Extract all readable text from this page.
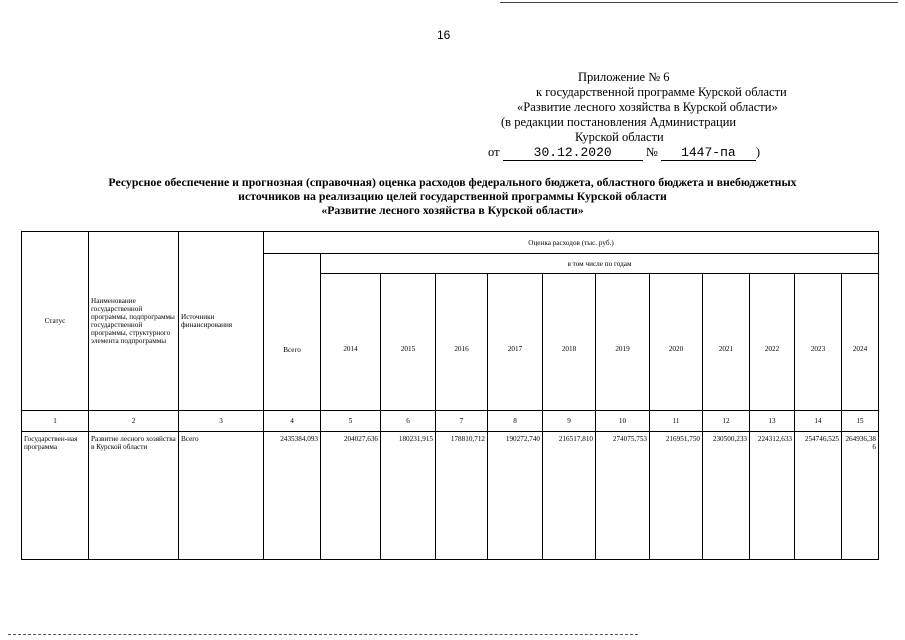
16
Приложение № 6
к государственной программе Курской области
«Развитие лесного хозяйства в Курской области»
(в редакции постановления Администрации
Курской области
от	30.12.2020	№ 1447-па )
Ресурсное обеспечение и прогнозная (справочная) оценка расходов федерального бюджета, областного бюджета и внебюджетных
источников на реализацию целей государственной программы Курской области
«Развитие лесного хозяйства в Курской области»
Статус	Наименование государственной программы, подпрограммы государственной программы, структурного элемента подпрограммы	Источники финансирования	Оценка расходов (тыс. руб.)											
			Всего	в том числе по годам										
				2014	2015	2016	2017	2018	2019	2020	2021	2022	2023	2024
1	2	3	4	5	6	7	8	9	10	11	12	13	14	15
Государствен-ная программа	Развитие лесного хозяйства в Курской области	Всего	2435384,093	204027,636	180231,915	178810,712	190272,740	216517,810	274075,753	216951,750	230500,233	224312,633	254746,525	264936,386
